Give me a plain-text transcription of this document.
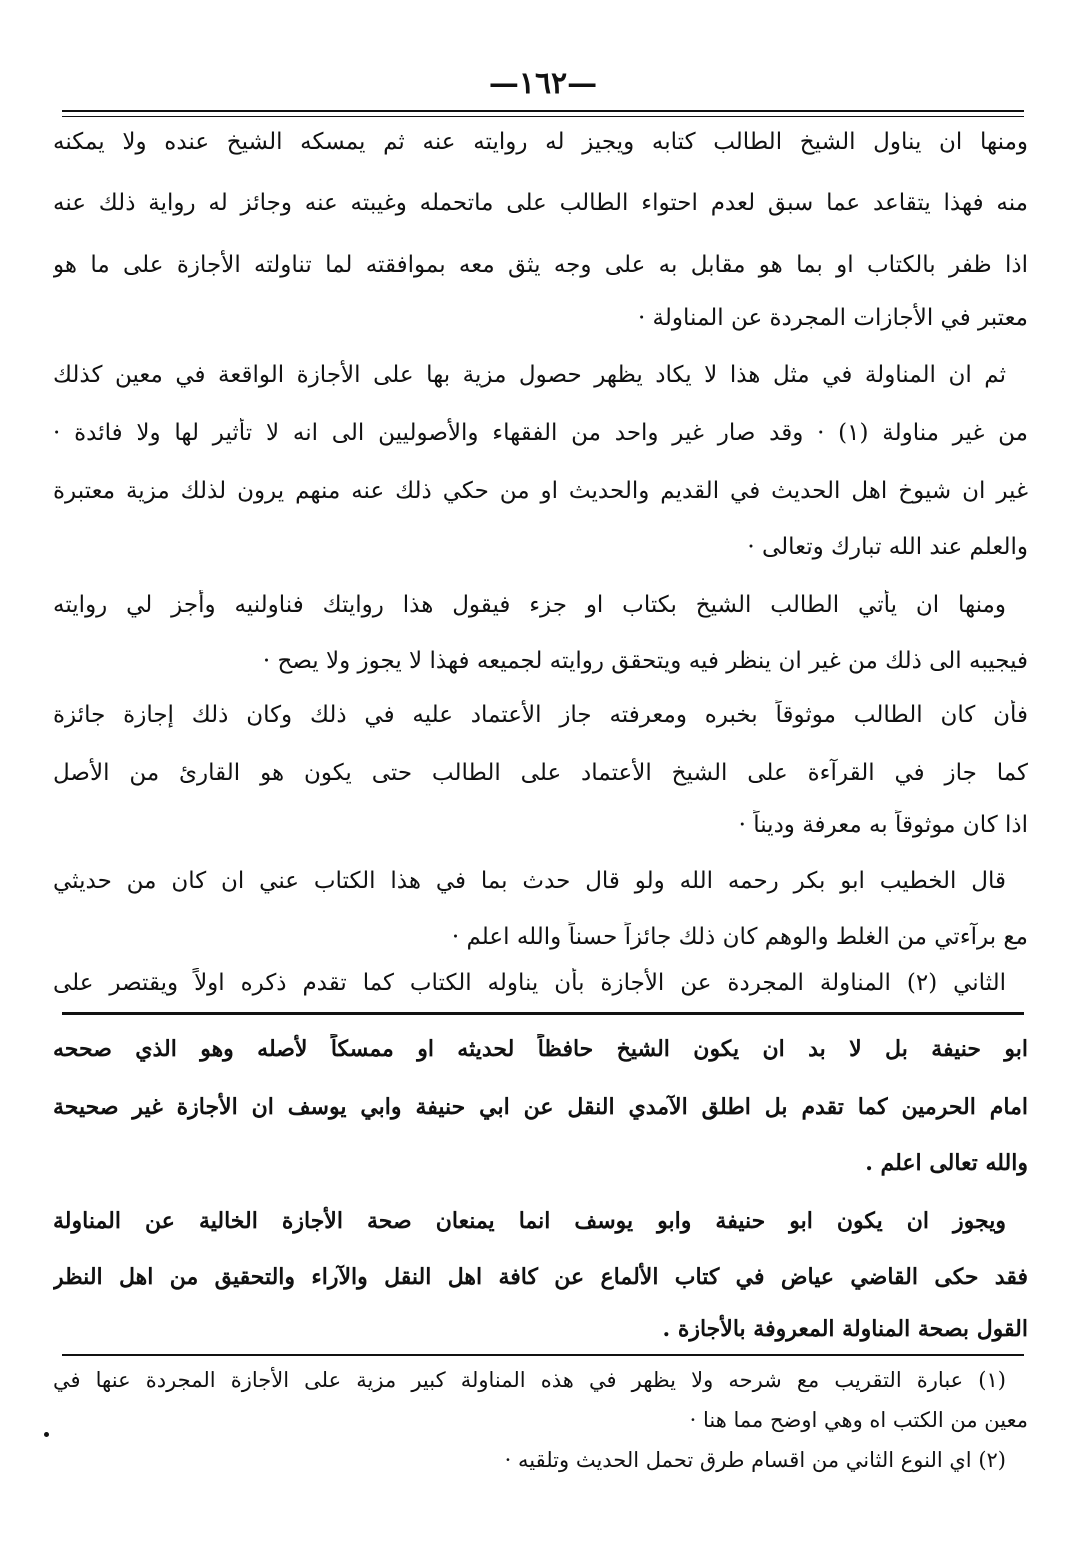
—١٦٢—
ومنها ان يناول الشيخ الطالب كتابه ويجيز له روايته عنه ثم يمسكه الشيخ عنده ولا يمكنه
منه فهذا يتقاعد عما سبق لعدم احتواء الطالب على ماتحمله وغيبته عنه وجائز له رواية ذلك عنه
اذا ظفر بالكتاب او بما هو مقابل به على وجه يثق معه بموافقته لما تناولته الأجازة على ما هو
معتبر في الأجازات المجردة عن المناولة ·
ثم ان المناولة في مثل هذا لا يكاد يظهر حصول مزية بها على الأجازة الواقعة في معين كذلك
من غير مناولة (١) · وقد صار غير واحد من الفقهاء والأصوليين الى انه لا تأثير لها ولا فائدة ·
غير ان شيوخ اهل الحديث في القديم والحديث او من حكي ذلك عنه منهم يرون لذلك مزية معتبرة
والعلم عند الله تبارك وتعالى ·
ومنها ان يأتي الطالب الشيخ بكتاب او جزء فيقول هذا روايتك فناولنيه وأجز لي روايته
فيجيبه الى ذلك من غير ان ينظر فيه ويتحقق روايته لجميعه فهذا لا يجوز ولا يصح ·
فأن كان الطالب موثوقاً بخبره ومعرفته جاز الأعتماد عليه في ذلك وكان ذلك إجازة جائزة
كما جاز في القرآءة على الشيخ الأعتماد على الطالب حتى يكون هو القارئ من الأصل
اذا كان موثوقاً به معرفة وديناً ·
قال الخطيب ابو بكر رحمه الله ولو قال حدث بما في هذا الكتاب عني ان كان من حديثي
مع برآءتي من الغلط والوهم كان ذلك جائزاً حسناً والله اعلم ·
الثاني (٢) المناولة المجردة عن الأجازة بأن يناوله الكتاب كما تقدم ذكره اولاً ويقتصر على
ابو حنيفة بل لا بد ان يكون الشيخ حافظاً لحديثه او ممسكاً لأصله وهو الذي صححه
امام الحرمين كما تقدم بل اطلق الآمدي النقل عن ابي حنيفة وابي يوسف ان الأجازة غير صحيحة
والله تعالى اعلم .
ويجوز ان يكون ابو حنيفة وابو يوسف انما يمنعان صحة الأجازة الخالية عن المناولة
فقد حكى القاضي عياض في كتاب الألماع عن كافة اهل النقل والآراء والتحقيق من اهل النظر
القول بصحة المناولة المعروفة بالأجازة .
(١) عبارة التقريب مع شرحه ولا يظهر في هذه المناولة كبير مزية على الأجازة المجردة عنها في
معين من الكتب اه وهي اوضح مما هنا ·
(٢) اي النوع الثاني من اقسام طرق تحمل الحديث وتلقيه ·
